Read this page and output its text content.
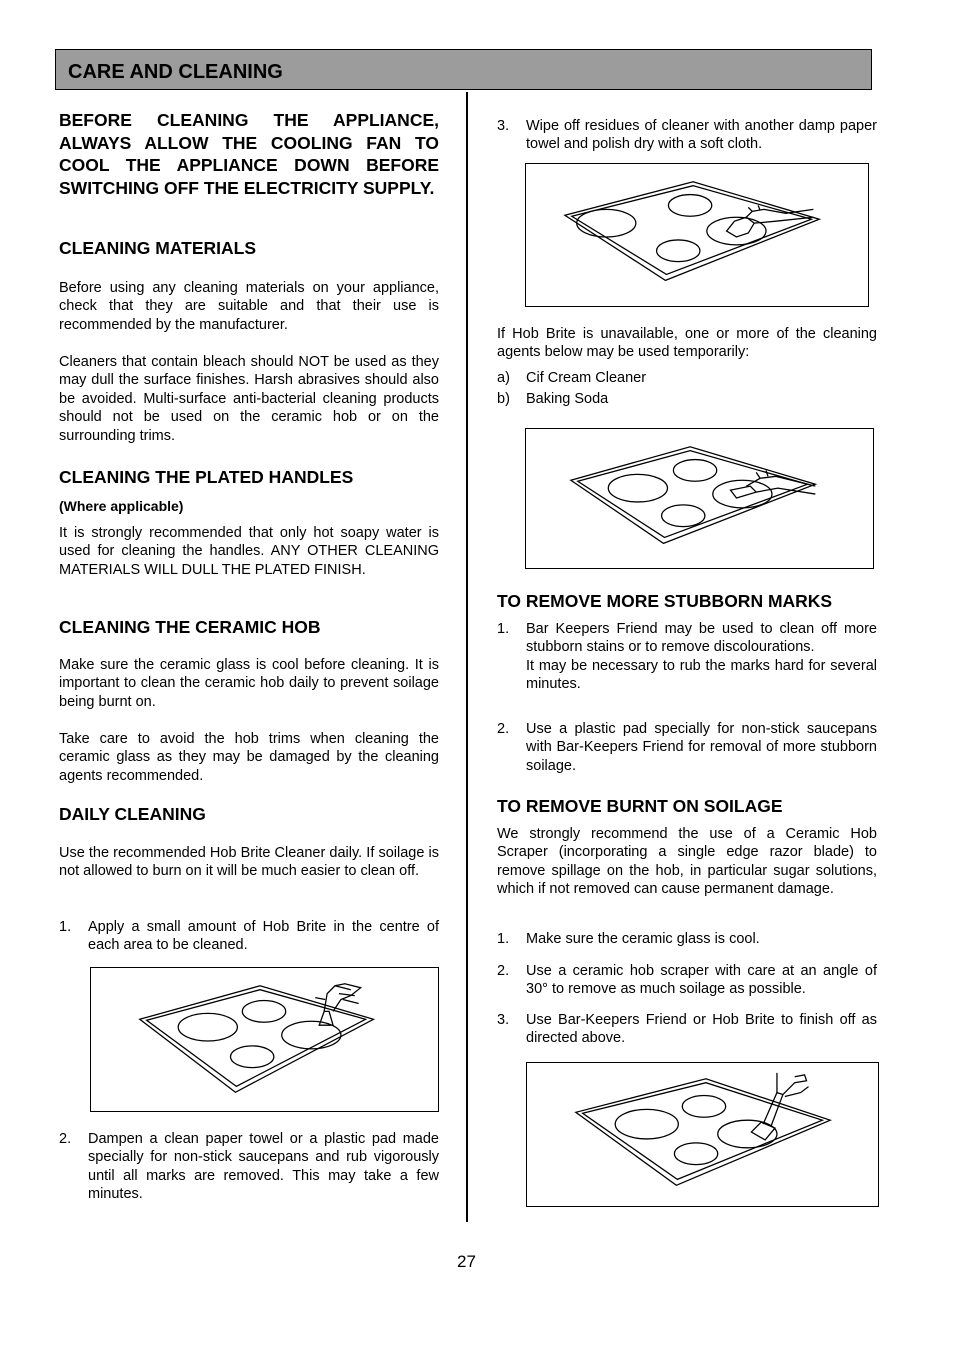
CARE AND CLEANING

BEFORE CLEANING THE APPLIANCE, ALWAYS ALLOW THE COOLING FAN TO COOL THE APPLIANCE DOWN BEFORE SWITCHING OFF THE ELECTRICITY SUPPLY.

CLEANING MATERIALS

Before using any cleaning materials on your appliance, check that they are suitable and that their use is recommended by the manufacturer.

Cleaners that contain bleach should NOT be used as they may dull the surface finishes. Harsh abrasives should also be avoided. Multi-surface anti-bacterial cleaning products should not be used on the ceramic hob or on the surrounding trims.

CLEANING THE PLATED HANDLES
(Where applicable)

It is strongly recommended that only hot soapy water is used for cleaning the handles. ANY OTHER CLEANING MATERIALS WILL DULL THE PLATED FINISH.

CLEANING THE CERAMIC HOB

Make sure the ceramic glass is cool before cleaning. It is important to clean the ceramic hob daily to prevent soilage being burnt on.

Take care to avoid the hob trims when cleaning the ceramic glass as they may be damaged by the cleaning agents recommended.

DAILY CLEANING

Use the recommended Hob Brite Cleaner daily. If soilage is not allowed to burn on it will be much easier to clean off.

1. Apply a small amount of Hob Brite in the centre of each area to be cleaned.
2. Dampen a clean paper towel or a plastic pad made specially for non-stick saucepans and rub vigorously until all marks are removed. This may take a few minutes.
3. Wipe off residues of cleaner with another damp paper towel and polish dry with a soft cloth.

If Hob Brite is unavailable, one or more of the cleaning agents below may be used temporarily:

a) Cif Cream Cleaner
b) Baking Soda
TO REMOVE MORE STUBBORN MARKS
1. Bar Keepers Friend may be used to clean off more stubborn stains or to remove discolourations.
It may be necessary to rub the marks hard for several minutes.
2. Use a plastic pad specially for non-stick saucepans with Bar-Keepers Friend for removal of more stubborn soilage.
TO REMOVE BURNT ON SOILAGE

We strongly recommend the use of a Ceramic Hob Scraper (incorporating a single edge razor blade) to remove spillage on the hob, in particular sugar solutions, which if not removed can cause permanent damage.

1. Make sure the ceramic glass is cool.
2. Use a ceramic hob scraper with care at an angle of 30° to remove as much soilage as possible.
3. Use Bar-Keepers Friend or Hob Brite to finish off as directed above.
27
